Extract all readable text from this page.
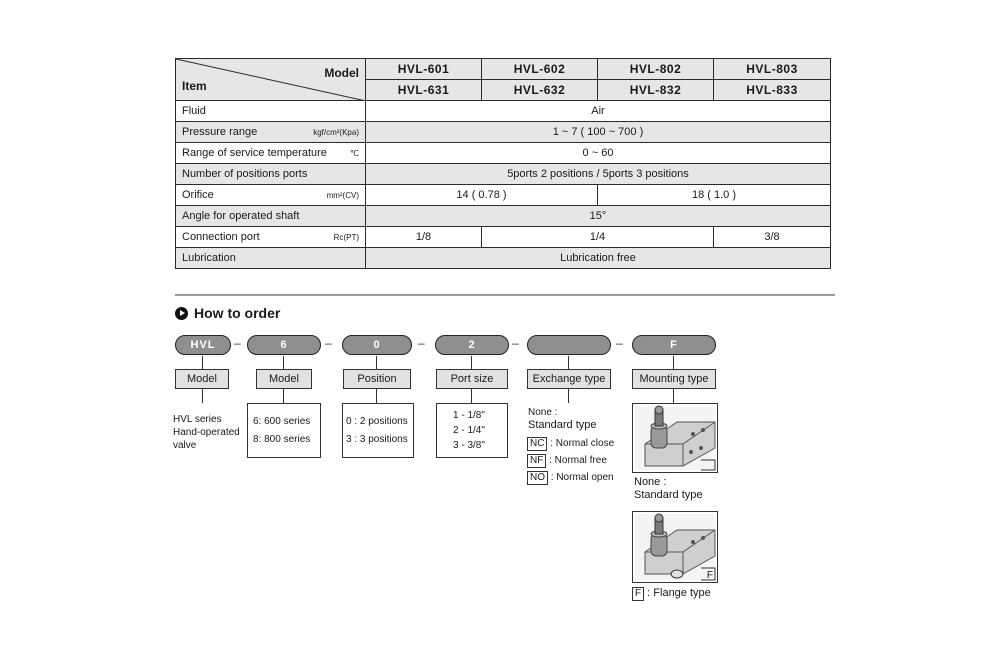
Model
Item	HVL-601	HVL-602	HVL-802	HVL-803
	HVL-631	HVL-632	HVL-832	HVL-833
Fluid	Air			

Pressure range kgf/cm²(Kpa)	1 ~ 7 ( 100 ~ 700 )			

Range of service temperature ℃	0 ~ 60			
Number of positions ports	5ports 2 positions / 5ports 3 positions			

Orifice mm²(CV)	14 ( 0.78 )		18 ( 1.0 )	
Angle for operated shaft	15°			

Connection port Rc(PT)	1/8	1/4		3/8
Lubrication	Lubrication free			
How to order
HVL	–	6	–	0	–	2	–	–	F
Model	Model	Position	Port size	Exchange type	Mounting type
HVL series
Hand-operated
valve
6: 600 series
8: 800 series
0 : 2 positions
3 : 3 positions
1 - 1/8"
2 - 1/4"
3 - 3/8"
None :
Standard type
NC : Normal close
NF : Normal free
NO : Normal open None :
Standard type
F
F : Flange type
